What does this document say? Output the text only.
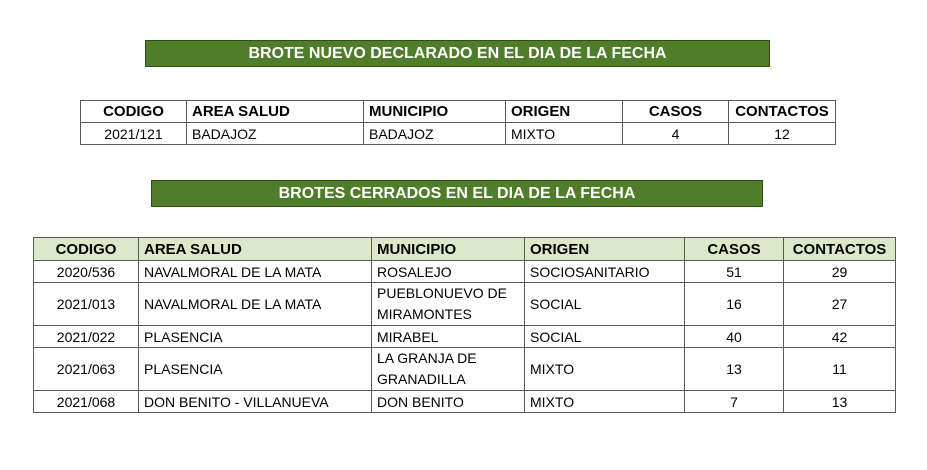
BROTE NUEVO DECLARADO EN EL DIA DE LA FECHA
CODIGO	AREA SALUD	MUNICIPIO	ORIGEN	CASOS	CONTACTOS
2021/121	BADAJOZ	BADAJOZ	MIXTO	4	12
BROTES CERRADOS EN EL DIA DE LA FECHA
CODIGO	AREA SALUD	MUNICIPIO	ORIGEN	CASOS	CONTACTOS
2020/536	NAVALMORAL DE LA MATA	ROSALEJO	SOCIOSANITARIO	51	29
2021/013	NAVALMORAL DE LA MATA	PUEBLONUEVO DE MIRAMONTES	SOCIAL	16	27
2021/022	PLASENCIA	MIRABEL	SOCIAL	40	42
2021/063	PLASENCIA	LA GRANJA DE GRANADILLA	MIXTO	13	11
2021/068	DON BENITO - VILLANUEVA	DON BENITO	MIXTO	7	13
